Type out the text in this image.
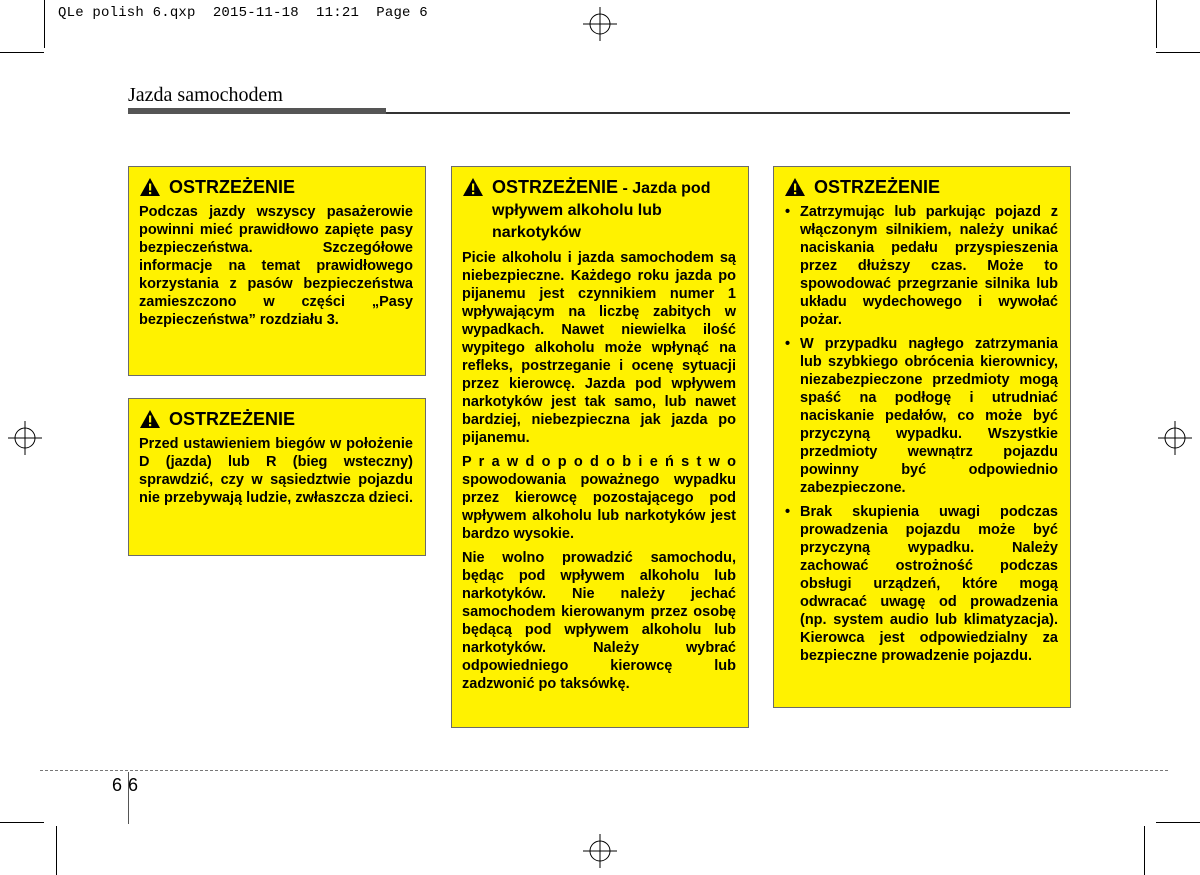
QLe polish 6.qxp  2015-11-18  11:21  Page 6
Jazda samochodem
OSTRZEŻENIE

Podczas jazdy wszyscy pasażerowie powinni mieć prawidłowo zapięte pasy bezpieczeństwa. Szczegółowe informacje na temat prawidłowego korzystania z pasów bezpieczeństwa zamieszczono w części „Pasy bezpieczeństwa” rozdziału 3.

OSTRZEŻENIE

Przed ustawieniem biegów w położenie D (jazda) lub R (bieg wsteczny) sprawdzić, czy w sąsiedztwie pojazdu nie przebywają ludzie, zwłaszcza dzieci.

OSTRZEŻENIE - Jazda pod wpływem alkoholu lub narkotyków

Picie alkoholu i jazda samochodem są niebezpieczne. Każdego roku jazda po pijanemu jest czynnikiem numer 1 wpływającym na liczbę zabitych w wypadkach. Nawet niewielka ilość wypitego alkoholu może wpłynąć na refleks, postrzeganie i ocenę sytuacji przez kierowcę. Jazda pod wpływem narkotyków jest tak samo, lub nawet bardziej, niebezpieczna jak jazda po pijanemu.

P r a w d o p o d o b i e ń s t w o spowodowania poważnego wypadku przez kierowcę pozostającego pod wpływem alkoholu lub narkotyków jest bardzo wysokie.

Nie wolno prowadzić samochodu, będąc pod wpływem alkoholu lub narkotyków. Nie należy jechać samochodem kierowanym przez osobę będącą pod wpływem alkoholu lub narkotyków. Należy wybrać odpowiedniego kierowcę lub zadzwonić po taksówkę.

OSTRZEŻENIE
• Zatrzymując lub parkując pojazd z włączonym silnikiem, należy unikać naciskania pedału przyspieszenia przez dłuższy czas. Może to spowodować przegrzanie silnika lub układu wydechowego i wywołać pożar.
• W przypadku nagłego zatrzymania lub szybkiego obrócenia kierownicy, niezabezpieczone przedmioty mogą spaść na podłogę i utrudniać naciskanie pedałów, co może być przyczyną wypadku. Wszystkie przedmioty wewnątrz pojazdu powinny być odpowiednio zabezpieczone.
• Brak skupienia uwagi podczas prowadzenia pojazdu może być przyczyną wypadku. Należy zachować ostrożność podczas obsługi urządzeń, które mogą odwracać uwagę od prowadzenia (np. system audio lub klimatyzacja). Kierowca jest odpowiedzialny za bezpieczne prowadzenie pojazdu.
66
